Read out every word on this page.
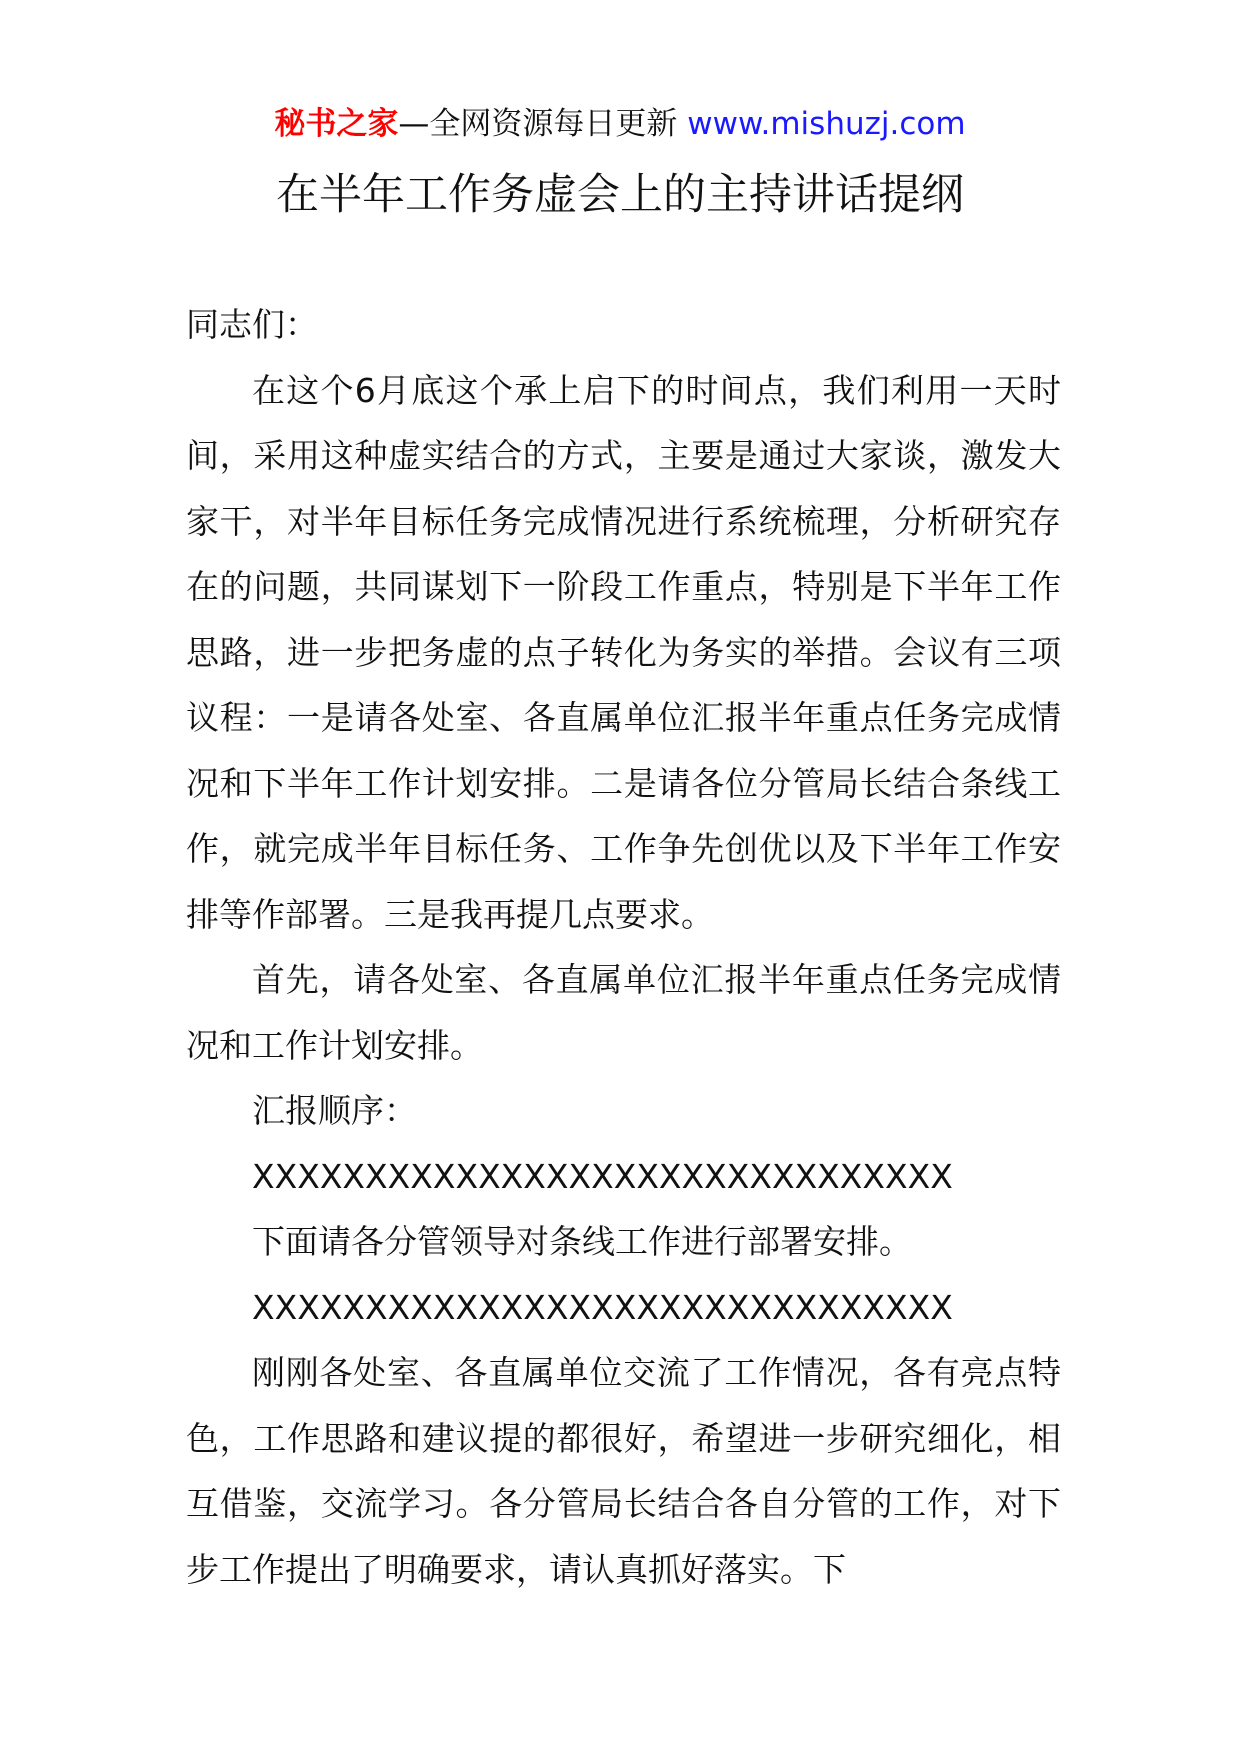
秘书之家—全网资源每日更新 www.mishuzj.com
在半年工作务虚会上的主持讲话提纲

同志们：

在这个6月底这个承上启下的时间点，我们利用一天时间，采用这种虚实结合的方式，主要是通过大家谈，激发大家干，对半年目标任务完成情况进行系统梳理，分析研究存在的问题，共同谋划下一阶段工作重点，特别是下半年工作思路，进一步把务虚的点子转化为务实的举措。会议有三项议程：一是请各处室、各直属单位汇报半年重点任务完成情况和下半年工作计划安排。二是请各位分管局长结合条线工作，就完成半年目标任务、工作争先创优以及下半年工作安排等作部署。三是我再提几点要求。

首先，请各处室、各直属单位汇报半年重点任务完成情况和工作计划安排。

汇报顺序：

XXXXXXXXXXXXXXXXXXXXXXXXXXXXXXX

下面请各分管领导对条线工作进行部署安排。

XXXXXXXXXXXXXXXXXXXXXXXXXXXXXXX

刚刚各处室、各直属单位交流了工作情况，各有亮点特色，工作思路和建议提的都很好，希望进一步研究细化，相互借鉴，交流学习。各分管局长结合各自分管的工作，对下步工作提出了明确要求，请认真抓好落实。下
